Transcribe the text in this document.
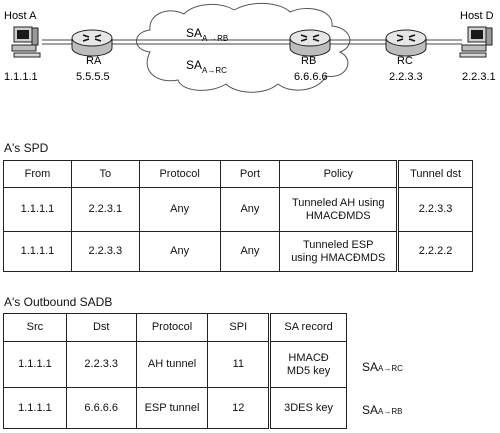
Host A
1.1.1.1
RA
5.5.5.5
RB
6.6.6.6
RC
2.2.3.3
Host D
2.2.3.1
$SA_{A \to RB}$
$SA_{A\to RC}$
A's SPD
From	To	Protocol	Port	Policy	Tunnel dst
1.1.1.1	2.2.3.1	Any	Any	Tunneled AH using
HMACĐMDS	2.2.3.3
1.1.1.1	2.2.3.3	Any	Any	Tunneled ESP
using HMACĐMDS	2.2.2.2
A's Outbound SADB
Src	Dst	Protocol	SPI	SA record
1.1.1.1	2.2.3.3	AH tunnel	11	HMACĐ
MD5 key

1.1.1.1	6.6.6.6	ESP tunnel	12	3DES key
SAA→RC
SAA→RB
